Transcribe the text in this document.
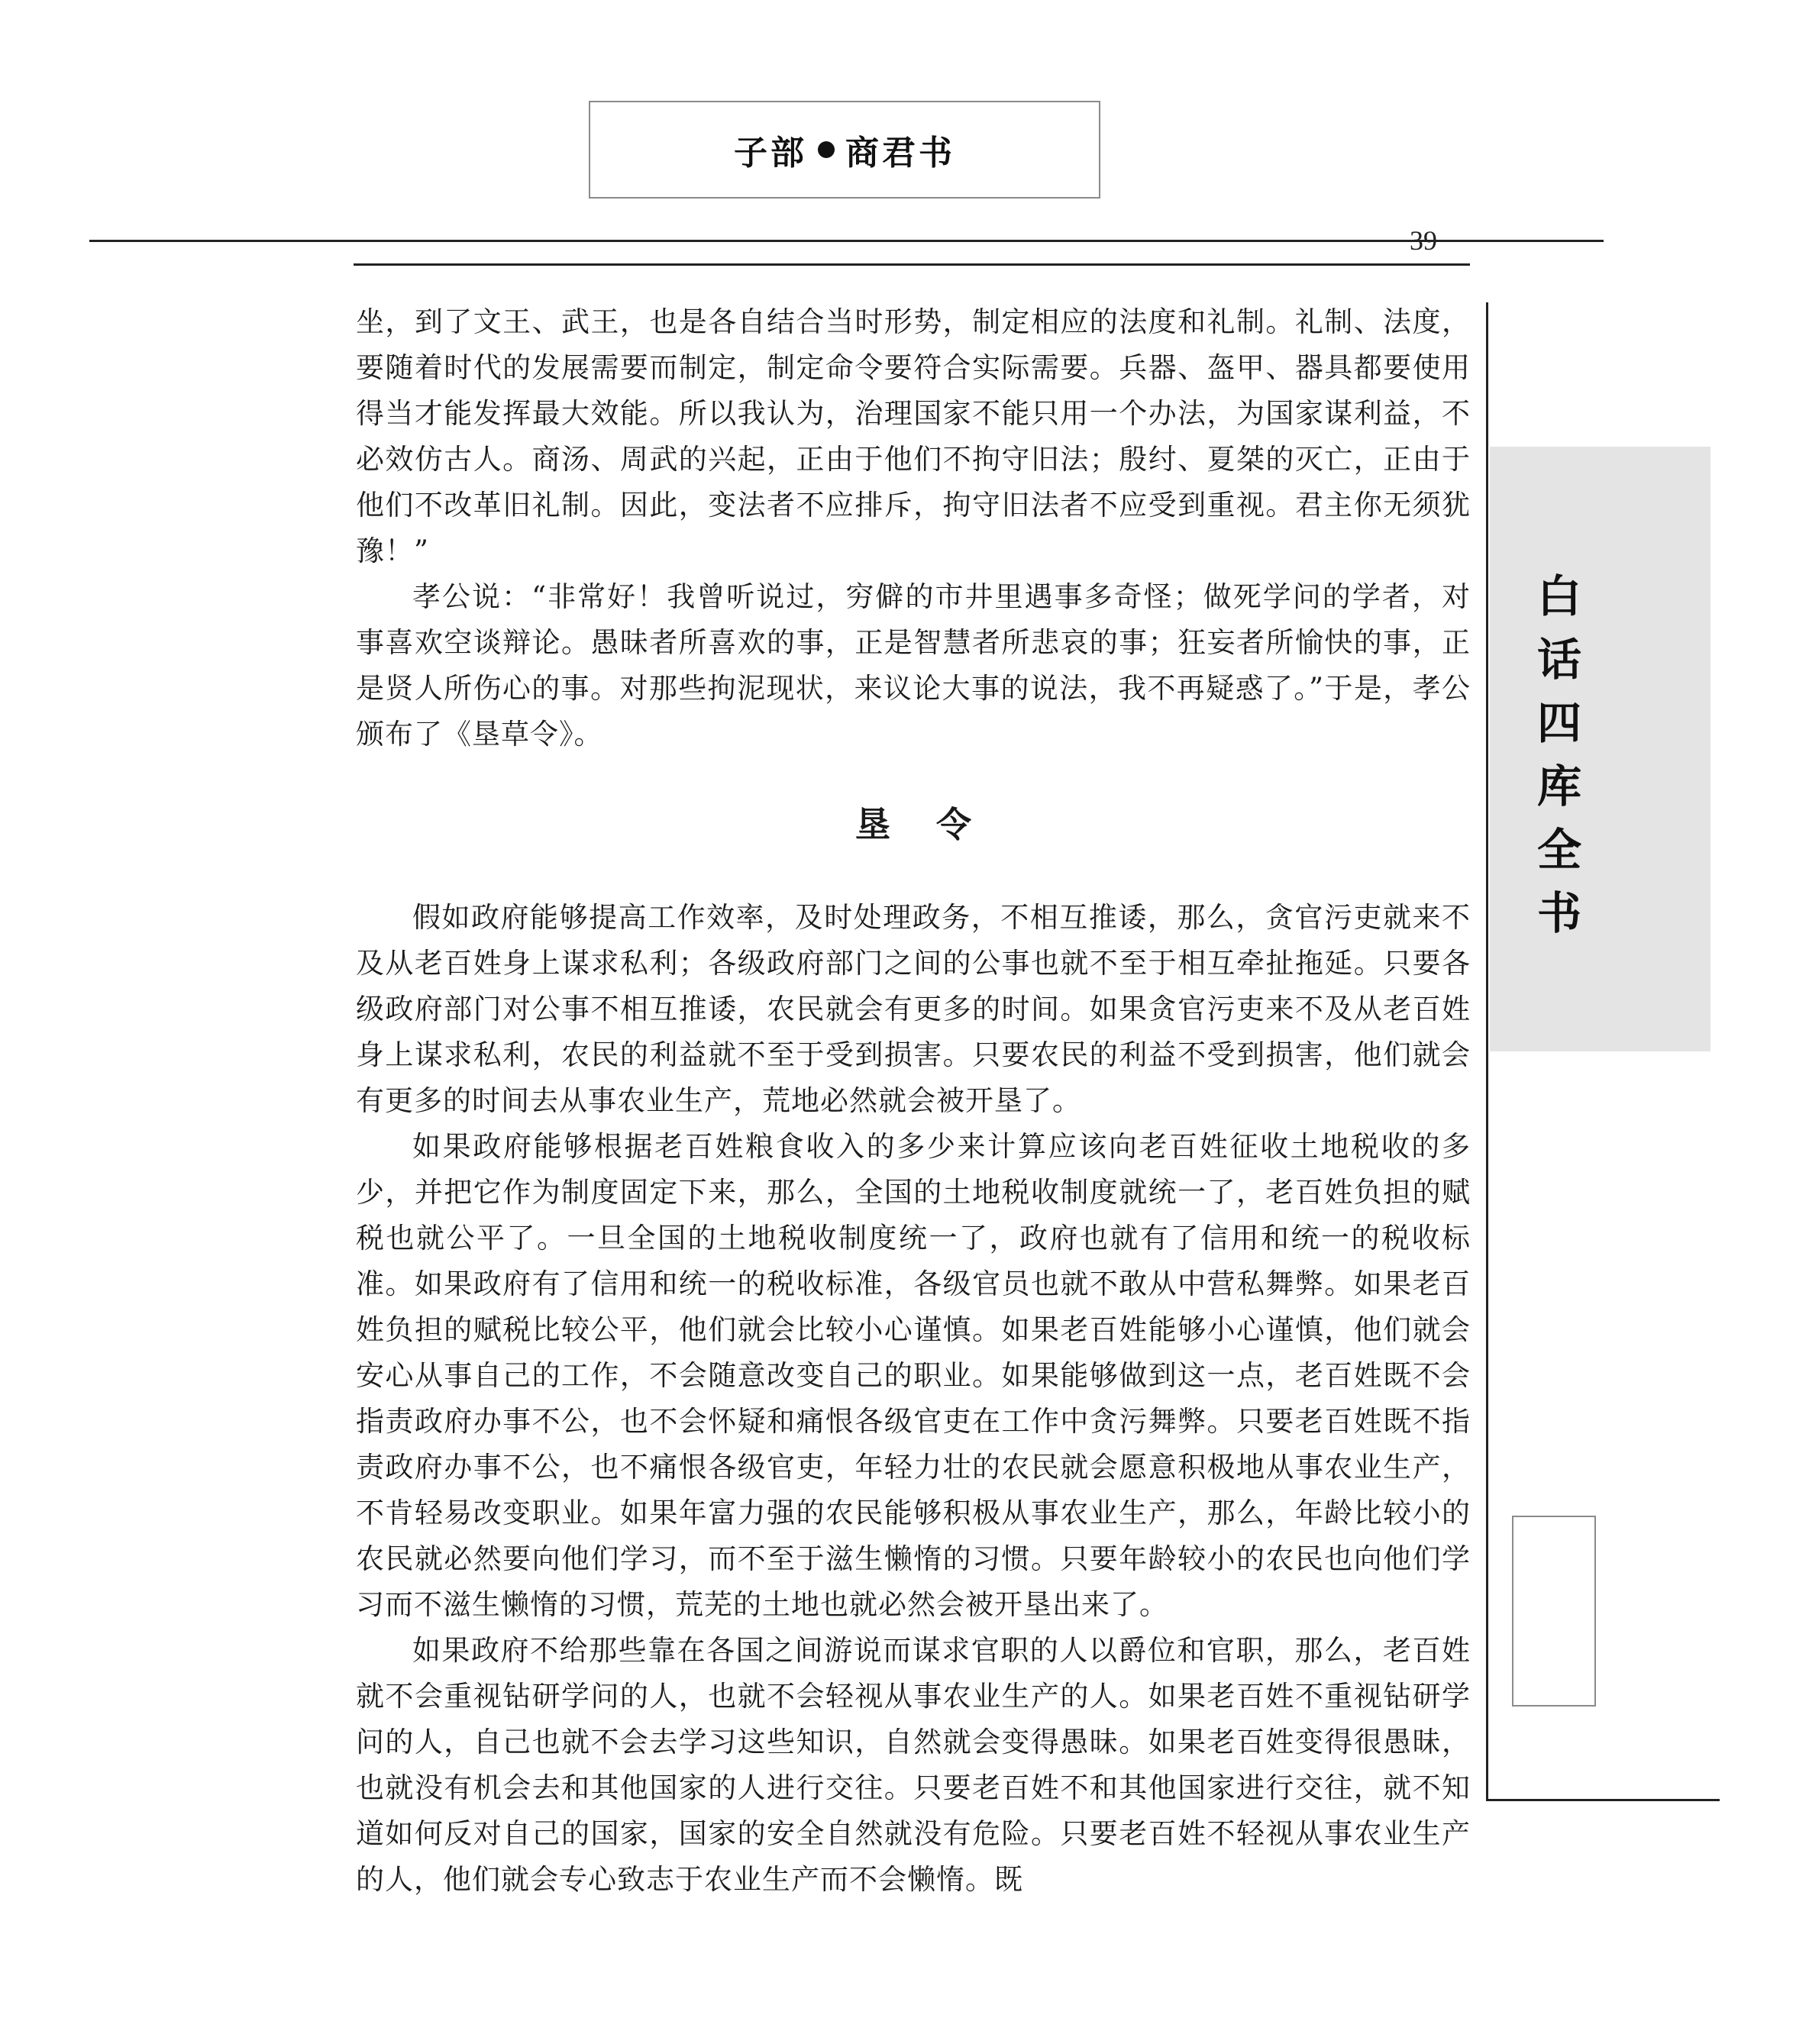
子部 商君书
39
白
话
四
库
全
书

坐，到了文王、武王，也是各自结合当时形势，制定相应的法度和礼制。礼制、法度，要随着时代的发展需要而制定，制定命令要符合实际需要。兵器、盔甲、器具都要使用得当才能发挥最大效能。所以我认为，治理国家不能只用一个办法，为国家谋利益，不必效仿古人。商汤、周武的兴起，正由于他们不拘守旧法；殷纣、夏桀的灭亡，正由于他们不改革旧礼制。因此，变法者不应排斥，拘守旧法者不应受到重视。君主你无须犹豫！”

孝公说：“非常好！我曾听说过，穷僻的市井里遇事多奇怪；做死学问的学者，对事喜欢空谈辩论。愚昧者所喜欢的事，正是智慧者所悲哀的事；狂妄者所愉快的事，正是贤人所伤心的事。对那些拘泥现状，来议论大事的说法，我不再疑惑了。”于是，孝公颁布了《垦草令》。

垦令

假如政府能够提高工作效率，及时处理政务，不相互推诿，那么，贪官污吏就来不及从老百姓身上谋求私利；各级政府部门之间的公事也就不至于相互牵扯拖延。只要各级政府部门对公事不相互推诿，农民就会有更多的时间。如果贪官污吏来不及从老百姓身上谋求私利，农民的利益就不至于受到损害。只要农民的利益不受到损害，他们就会有更多的时间去从事农业生产，荒地必然就会被开垦了。

如果政府能够根据老百姓粮食收入的多少来计算应该向老百姓征收土地税收的多少，并把它作为制度固定下来，那么，全国的土地税收制度就统一了，老百姓负担的赋税也就公平了。一旦全国的土地税收制度统一了，政府也就有了信用和统一的税收标准。如果政府有了信用和统一的税收标准，各级官员也就不敢从中营私舞弊。如果老百姓负担的赋税比较公平，他们就会比较小心谨慎。如果老百姓能够小心谨慎，他们就会安心从事自己的工作，不会随意改变自己的职业。如果能够做到这一点，老百姓既不会指责政府办事不公，也不会怀疑和痛恨各级官吏在工作中贪污舞弊。只要老百姓既不指责政府办事不公，也不痛恨各级官吏，年轻力壮的农民就会愿意积极地从事农业生产，不肯轻易改变职业。如果年富力强的农民能够积极从事农业生产，那么，年龄比较小的农民就必然要向他们学习，而不至于滋生懒惰的习惯。只要年龄较小的农民也向他们学习而不滋生懒惰的习惯，荒芜的土地也就必然会被开垦出来了。

如果政府不给那些靠在各国之间游说而谋求官职的人以爵位和官职，那么，老百姓就不会重视钻研学问的人，也就不会轻视从事农业生产的人。如果老百姓不重视钻研学问的人，自己也就不会去学习这些知识，自然就会变得愚昧。如果老百姓变得很愚昧，也就没有机会去和其他国家的人进行交往。只要老百姓不和其他国家进行交往，就不知道如何反对自己的国家，国家的安全自然就没有危险。只要老百姓不轻视从事农业生产的人，他们就会专心致志于农业生产而不会懒惰。既
